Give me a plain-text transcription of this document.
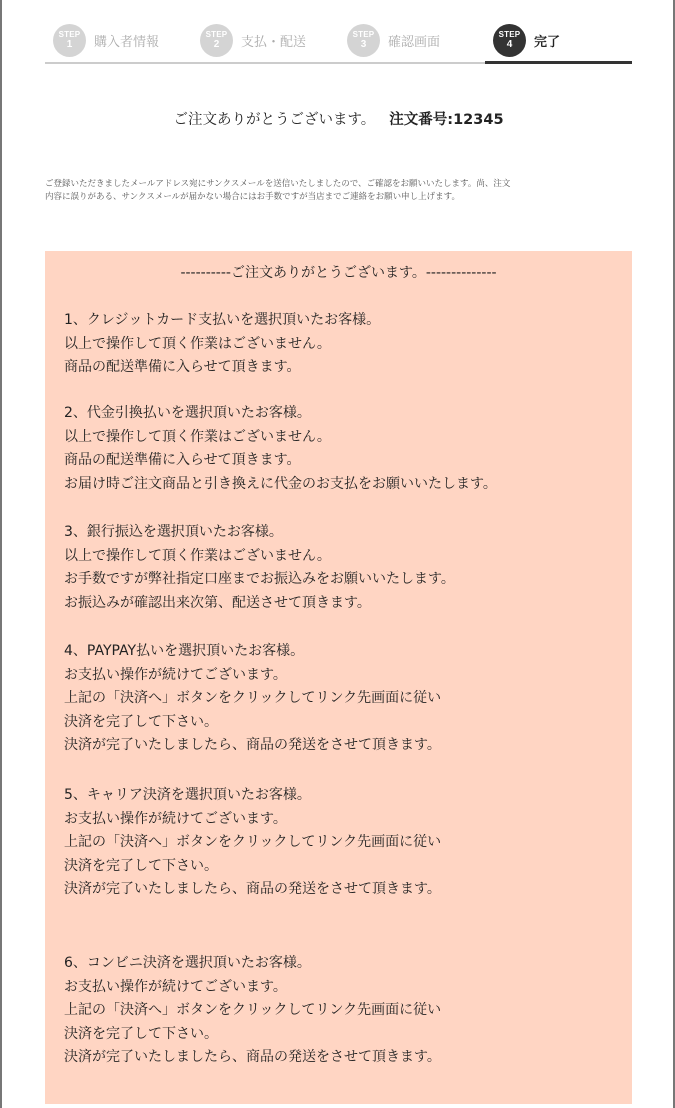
STEP
1 購入者情報
STEP
2 支払・配送
STEP
3 確認画面
STEP
4 完了
ご注文ありがとうございます。 注文番号:12345
ご登録いただきましたメールアドレス宛にサンクスメールを送信いたしましたので、ご確認をお願いいたします。尚、注文
内容に誤りがある、サンクスメールが届かない場合にはお手数ですが当店までご連絡をお願い申し上げます。
----------ご注文ありがとうございます。--------------
1、クレジットカード支払いを選択頂いたお客様。
以上で操作して頂く作業はございません。
商品の配送準備に入らせて頂きます。
2、代金引換払いを選択頂いたお客様。
以上で操作して頂く作業はございません。
商品の配送準備に入らせて頂きます。
お届け時ご注文商品と引き換えに代金のお支払をお願いいたします。
3、銀行振込を選択頂いたお客様。
以上で操作して頂く作業はございません。
お手数ですが弊社指定口座までお振込みをお願いいたします。
お振込みが確認出来次第、配送させて頂きます。
4、PAYPAY払いを選択頂いたお客様。
お支払い操作が続けてございます。
上記の「決済へ」ボタンをクリックしてリンク先画面に従い
決済を完了して下さい。
決済が完了いたしましたら、商品の発送をさせて頂きます。
5、キャリア決済を選択頂いたお客様。
お支払い操作が続けてございます。
上記の「決済へ」ボタンをクリックしてリンク先画面に従い
決済を完了して下さい。
決済が完了いたしましたら、商品の発送をさせて頂きます。
6、コンビニ決済を選択頂いたお客様。
お支払い操作が続けてございます。
上記の「決済へ」ボタンをクリックしてリンク先画面に従い
決済を完了して下さい。
決済が完了いたしましたら、商品の発送をさせて頂きます。
